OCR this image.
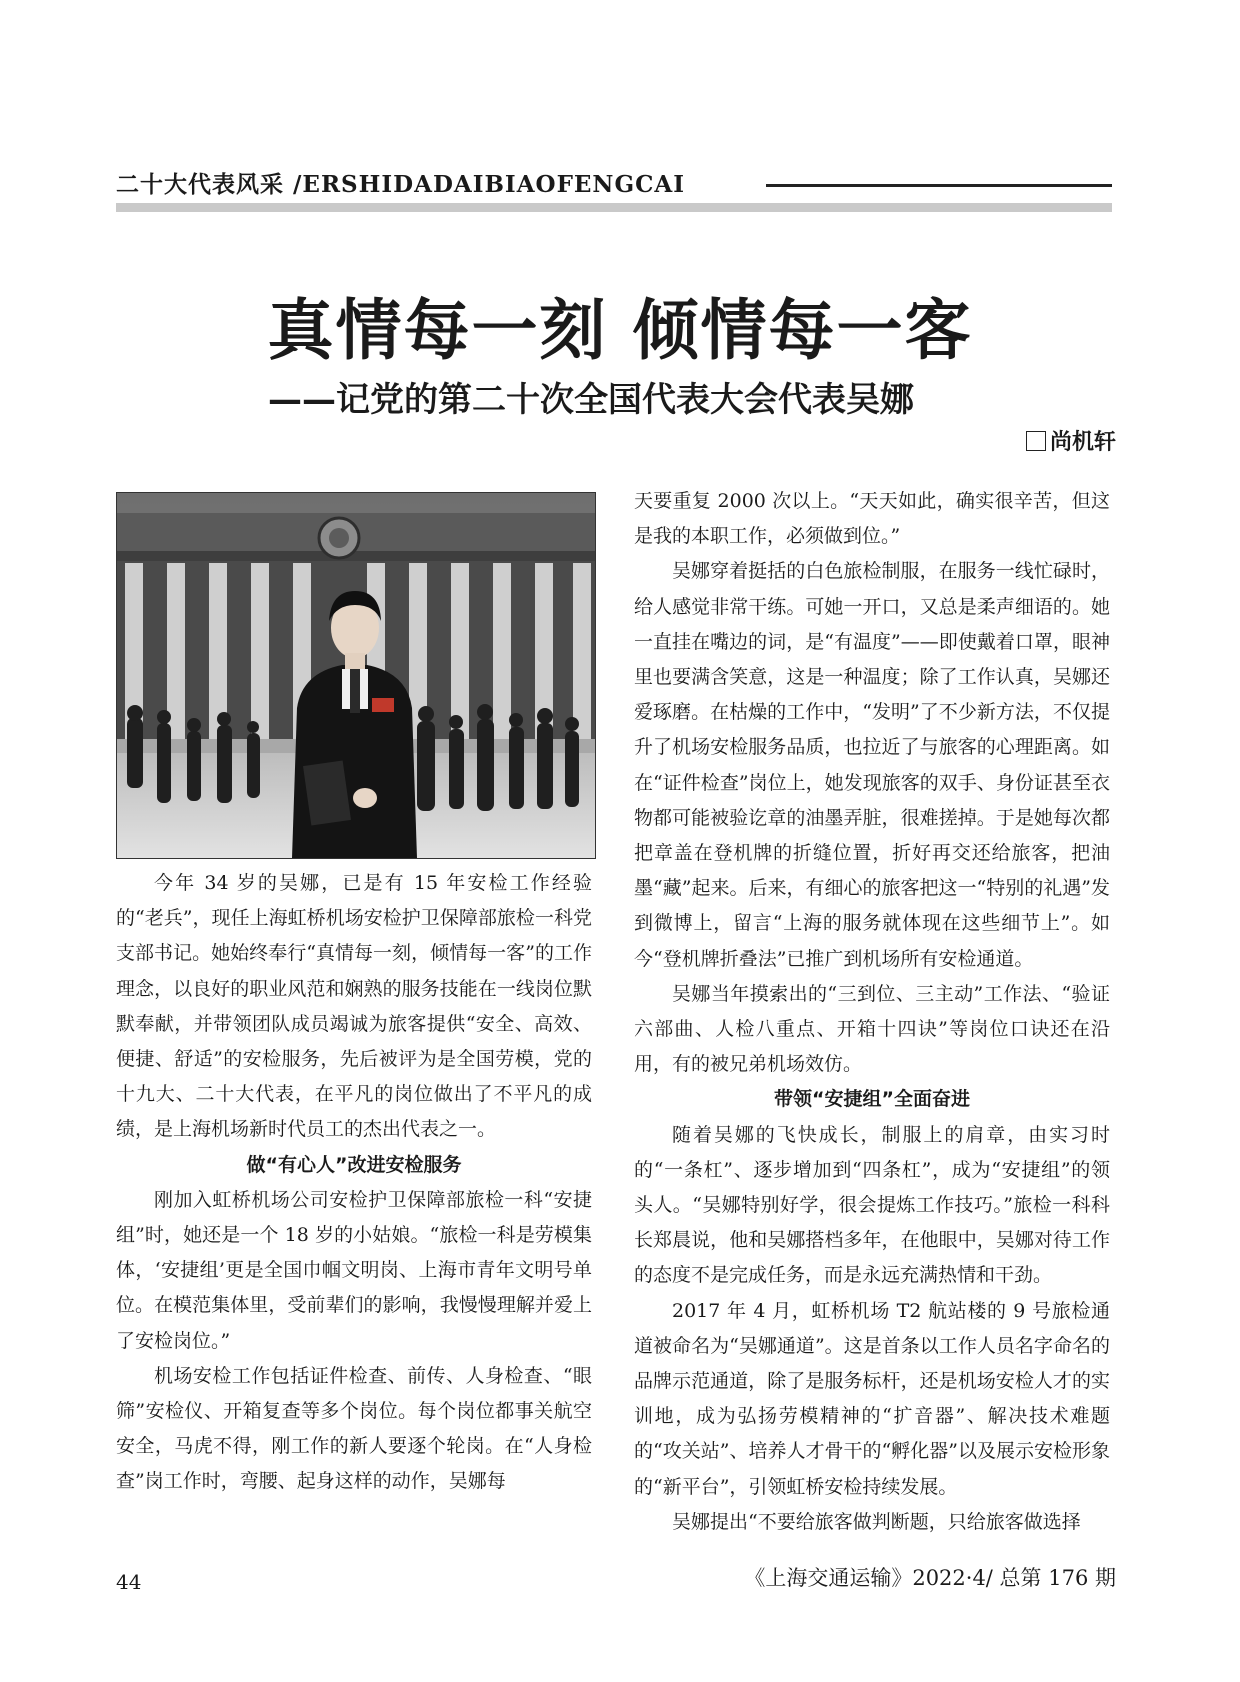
二十大代表风采 /ERSHIDADAIBIAOFENGCAI
真情每一刻 倾情每一客
——记党的第二十次全国代表大会代表吴娜
尚机轩

今年 34 岁的吴娜，已是有 15 年安检工作经验的“老兵”，现任上海虹桥机场安检护卫保障部旅检一科党支部书记。她始终奉行“真情每一刻，倾情每一客”的工作理念，以良好的职业风范和娴熟的服务技能在一线岗位默默奉献，并带领团队成员竭诚为旅客提供“安全、高效、便捷、舒适”的安检服务，先后被评为是全国劳模，党的十九大、二十大代表，在平凡的岗位做出了不平凡的成绩，是上海机场新时代员工的杰出代表之一。

做“有心人”改进安检服务

刚加入虹桥机场公司安检护卫保障部旅检一科“安捷组”时，她还是一个 18 岁的小姑娘。“旅检一科是劳模集体，‘安捷组’更是全国巾帼文明岗、上海市青年文明号单位。在模范集体里，受前辈们的影响，我慢慢理解并爱上了安检岗位。”

机场安检工作包括证件检查、前传、人身检查、“眼筛”安检仪、开箱复查等多个岗位。每个岗位都事关航空安全，马虎不得，刚工作的新人要逐个轮岗。在“人身检查”岗工作时，弯腰、起身这样的动作，吴娜每

天要重复 2000 次以上。“天天如此，确实很辛苦，但这是我的本职工作，必须做到位。”

吴娜穿着挺括的白色旅检制服，在服务一线忙碌时，给人感觉非常干练。可她一开口，又总是柔声细语的。她一直挂在嘴边的词，是“有温度”——即使戴着口罩，眼神里也要满含笑意，这是一种温度；除了工作认真，吴娜还爱琢磨。在枯燥的工作中，“发明”了不少新方法，不仅提升了机场安检服务品质，也拉近了与旅客的心理距离。如在“证件检查”岗位上，她发现旅客的双手、身份证甚至衣物都可能被验讫章的油墨弄脏，很难搓掉。于是她每次都把章盖在登机牌的折缝位置，折好再交还给旅客，把油墨“藏”起来。后来，有细心的旅客把这一“特别的礼遇”发到微博上，留言“上海的服务就体现在这些细节上”。如今“登机牌折叠法”已推广到机场所有安检通道。

吴娜当年摸索出的“三到位、三主动”工作法、“验证六部曲、人检八重点、开箱十四诀”等岗位口诀还在沿用，有的被兄弟机场效仿。

带领“安捷组”全面奋进

随着吴娜的飞快成长，制服上的肩章，由实习时的“一条杠”、逐步增加到“四条杠”，成为“安捷组”的领头人。“吴娜特别好学，很会提炼工作技巧。”旅检一科科长郑晨说，他和吴娜搭档多年，在他眼中，吴娜对待工作的态度不是完成任务，而是永远充满热情和干劲。

2017 年 4 月，虹桥机场 T2 航站楼的 9 号旅检通道被命名为“吴娜通道”。这是首条以工作人员名字命名的品牌示范通道，除了是服务标杆，还是机场安检人才的实训地，成为弘扬劳模精神的“扩音器”、解决技术难题的“攻关站”、培养人才骨干的“孵化器”以及展示安检形象的“新平台”，引领虹桥安检持续发展。

吴娜提出“不要给旅客做判断题，只给旅客做选择

44	《上海交通运输》2022·4/ 总第 176 期
